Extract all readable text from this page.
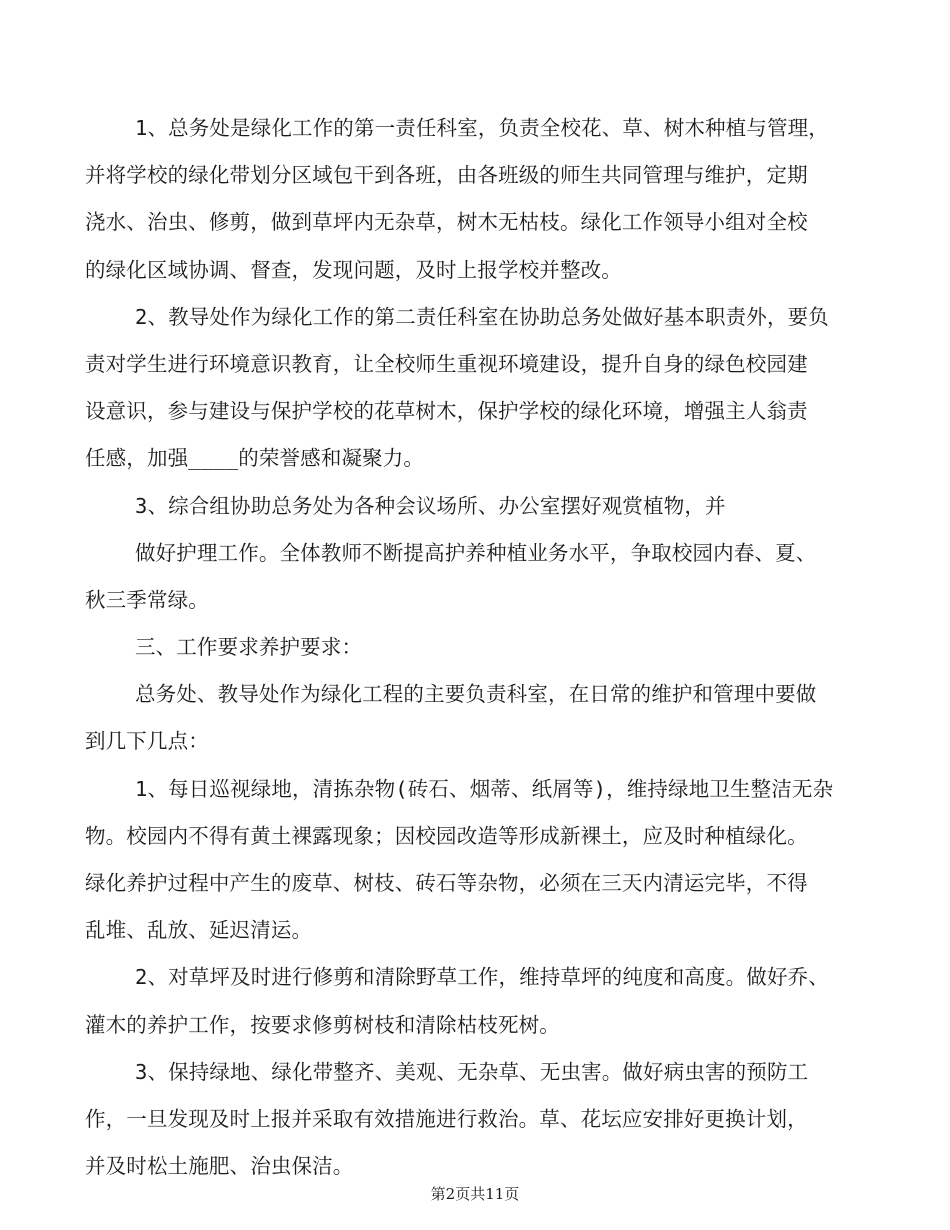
1、总务处是绿化工作的第一责任科室，负责全校花、草、树木种植与管理，
并将学校的绿化带划分区域包干到各班，由各班级的师生共同管理与维护，定期
浇水、治虫、修剪，做到草坪内无杂草，树木无枯枝。绿化工作领导小组对全校
的绿化区域协调、督查，发现问题，及时上报学校并整改。
2、教导处作为绿化工作的第二责任科室在协助总务处做好基本职责外，要负
责对学生进行环境意识教育，让全校师生重视环境建设，提升自身的绿色校园建
设意识，参与建设与保护学校的花草树木，保护学校的绿化环境，增强主人翁责
任感，加强____的荣誉感和凝聚力。
3、综合组协助总务处为各种会议场所、办公室摆好观赏植物，并
做好护理工作。全体教师不断提高护养种植业务水平，争取校园内春、夏、
秋三季常绿。
三、工作要求养护要求：
总务处、教导处作为绿化工程的主要负责科室，在日常的维护和管理中要做
到几下几点：
1、每日巡视绿地，清拣杂物(砖石、烟蒂、纸屑等)，维持绿地卫生整洁无杂
物。校园内不得有黄土裸露现象；因校园改造等形成新裸土，应及时种植绿化。
绿化养护过程中产生的废草、树枝、砖石等杂物，必须在三天内清运完毕，不得
乱堆、乱放、延迟清运。
2、对草坪及时进行修剪和清除野草工作，维持草坪的纯度和高度。做好乔、
灌木的养护工作，按要求修剪树枝和清除枯枝死树。
3、保持绿地、绿化带整齐、美观、无杂草、无虫害。做好病虫害的预防工
作，一旦发现及时上报并采取有效措施进行救治。草、花坛应安排好更换计划，
并及时松土施肥、治虫保洁。
第2页共11页
